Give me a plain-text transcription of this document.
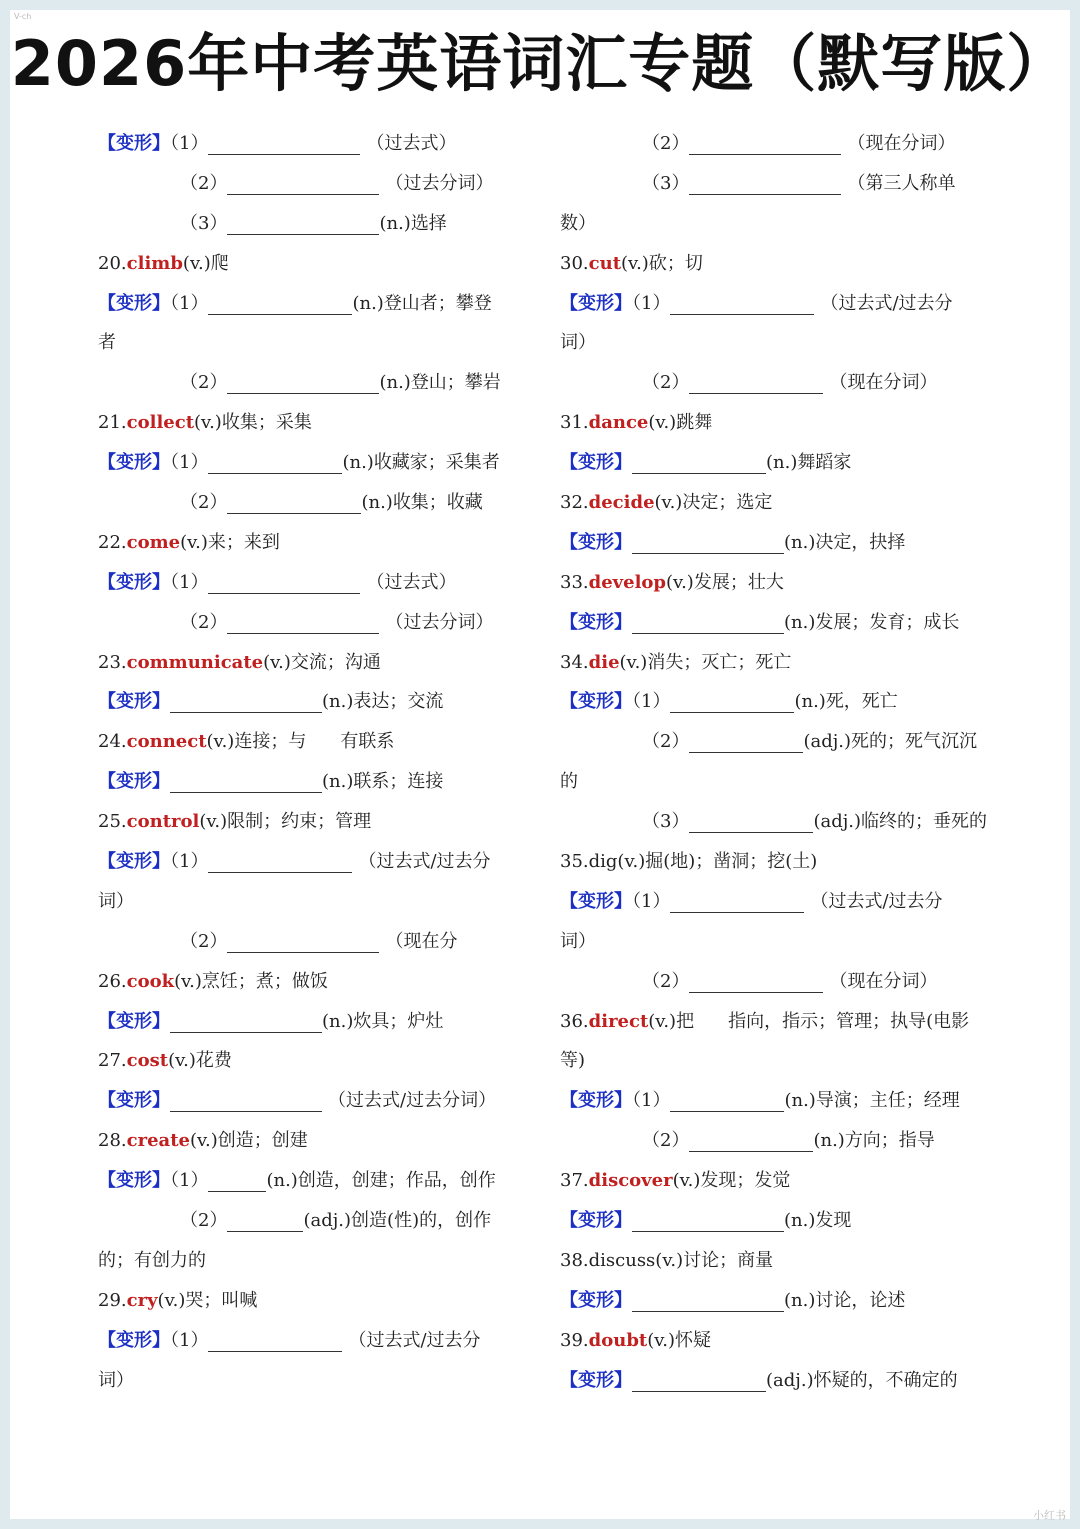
V-ch
2026年中考英语词汇专题（默写版）
【变形】（1）	（过去式）
（2）	（过去分词）
（3）	(n.)选择
20.climb(v.)爬
【变形】（1）	(n.)登山者；攀登
者
（2）	(n.)登山；攀岩
21.collect(v.)收集；采集
【变形】（1）	(n.)收藏家；采集者
（2）	(n.)收集；收藏
22.come(v.)来；来到
【变形】（1）	（过去式）
（2）	（过去分词）
23.communicate(v.)交流；沟通
【变形】	(n.)表达；交流
24.connect(v.)连接；与 有联系
【变形】	(n.)联系；连接
25.control(v.)限制；约束；管理
【变形】（1）	（过去式/过去分
词）
（2）	（现在分
26.cook(v.)烹饪；煮；做饭
【变形】	(n.)炊具；炉灶
27.cost(v.)花费
【变形】	（过去式/过去分词）
28.create(v.)创造；创建
【变形】（1）	(n.)创造，创建；作品，创作
（2）	(adj.)创造(性)的，创作
的；有创力的
29.cry(v.)哭；叫喊
【变形】（1）	（过去式/过去分
词）
（2）	（现在分词）
（3）	（第三人称单
数）
30.cut(v.)砍；切
【变形】（1）	（过去式/过去分
词）
（2）	（现在分词）
31.dance(v.)跳舞
【变形】	(n.)舞蹈家
32.decide(v.)决定；选定
【变形】	(n.)决定，抉择
33.develop(v.)发展；壮大
【变形】	(n.)发展；发育；成长
34.die(v.)消失；灭亡；死亡
【变形】（1）	(n.)死，死亡
（2）	(adj.)死的；死气沉沉
的
（3）	(adj.)临终的；垂死的
35.dig(v.)掘(地)；凿洞；挖(土)
【变形】（1）	（过去式/过去分
词）
（2）	（现在分词）
36.direct(v.)把 指向，指示；管理；执导(电影
等)
【变形】（1）	(n.)导演；主任；经理
（2）	(n.)方向；指导
37.discover(v.)发现；发觉
【变形】	(n.)发现
38.discuss(v.)讨论；商量
【变形】	(n.)讨论，论述
39.doubt(v.)怀疑
【变形】	(adj.)怀疑的，不确定的
小红书
